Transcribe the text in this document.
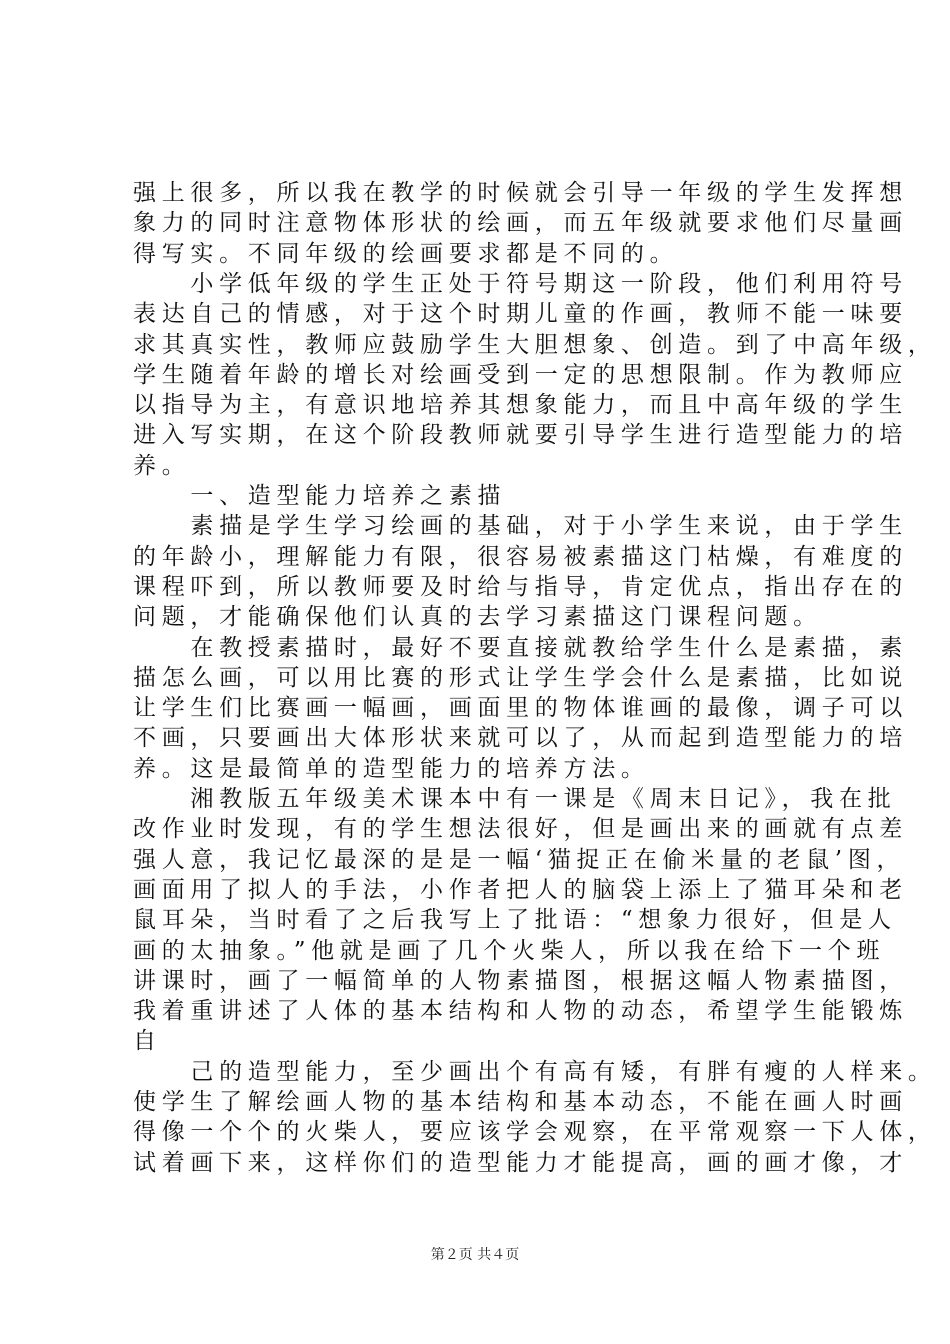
强上很多，所以我在教学的时候就会引导一年级的学生发挥想
象力的同时注意物体形状的绘画，而五年级就要求他们尽量画
得写实。不同年级的绘画要求都是不同的。
　　小学低年级的学生正处于符号期这一阶段，他们利用符号
表达自己的情感，对于这个时期儿童的作画，教师不能一味要
求其真实性，教师应鼓励学生大胆想象、创造。到了中高年级，
学生随着年龄的增长对绘画受到一定的思想限制。作为教师应
以指导为主，有意识地培养其想象能力，而且中高年级的学生
进入写实期，在这个阶段教师就要引导学生进行造型能力的培
养。
　　一、造型能力培养之素描
　　素描是学生学习绘画的基础，对于小学生来说，由于学生
的年龄小，理解能力有限，很容易被素描这门枯燥，有难度的
课程吓到，所以教师要及时给与指导，肯定优点，指出存在的
问题，才能确保他们认真的去学习素描这门课程问题。
　　在教授素描时，最好不要直接就教给学生什么是素描，素
描怎么画，可以用比赛的形式让学生学会什么是素描，比如说
让学生们比赛画一幅画，画面里的物体谁画的最像，调子可以
不画，只要画出大体形状来就可以了，从而起到造型能力的培
养。这是最简单的造型能力的培养方法。
　　湘教版五年级美术课本中有一课是《周末日记》，我在批
改作业时发现，有的学生想法很好，但是画出来的画就有点差
强人意，我记忆最深的是是一幅‘猫捉正在偷米量的老鼠’图，
画面用了拟人的手法，小作者把人的脑袋上添上了猫耳朵和老
鼠耳朵，当时看了之后我写上了批语：“想象力很好，但是人
画的太抽象。”他就是画了几个火柴人，所以我在给下一个班
讲课时，画了一幅简单的人物素描图，根据这幅人物素描图，
我着重讲述了人体的基本结构和人物的动态，希望学生能锻炼
自
　　己的造型能力，至少画出个有高有矮，有胖有瘦的人样来。
使学生了解绘画人物的基本结构和基本动态，不能在画人时画
得像一个个的火柴人，要应该学会观察，在平常观察一下人体，
试着画下来，这样你们的造型能力才能提高，画的画才像，才
第２页 共４页
